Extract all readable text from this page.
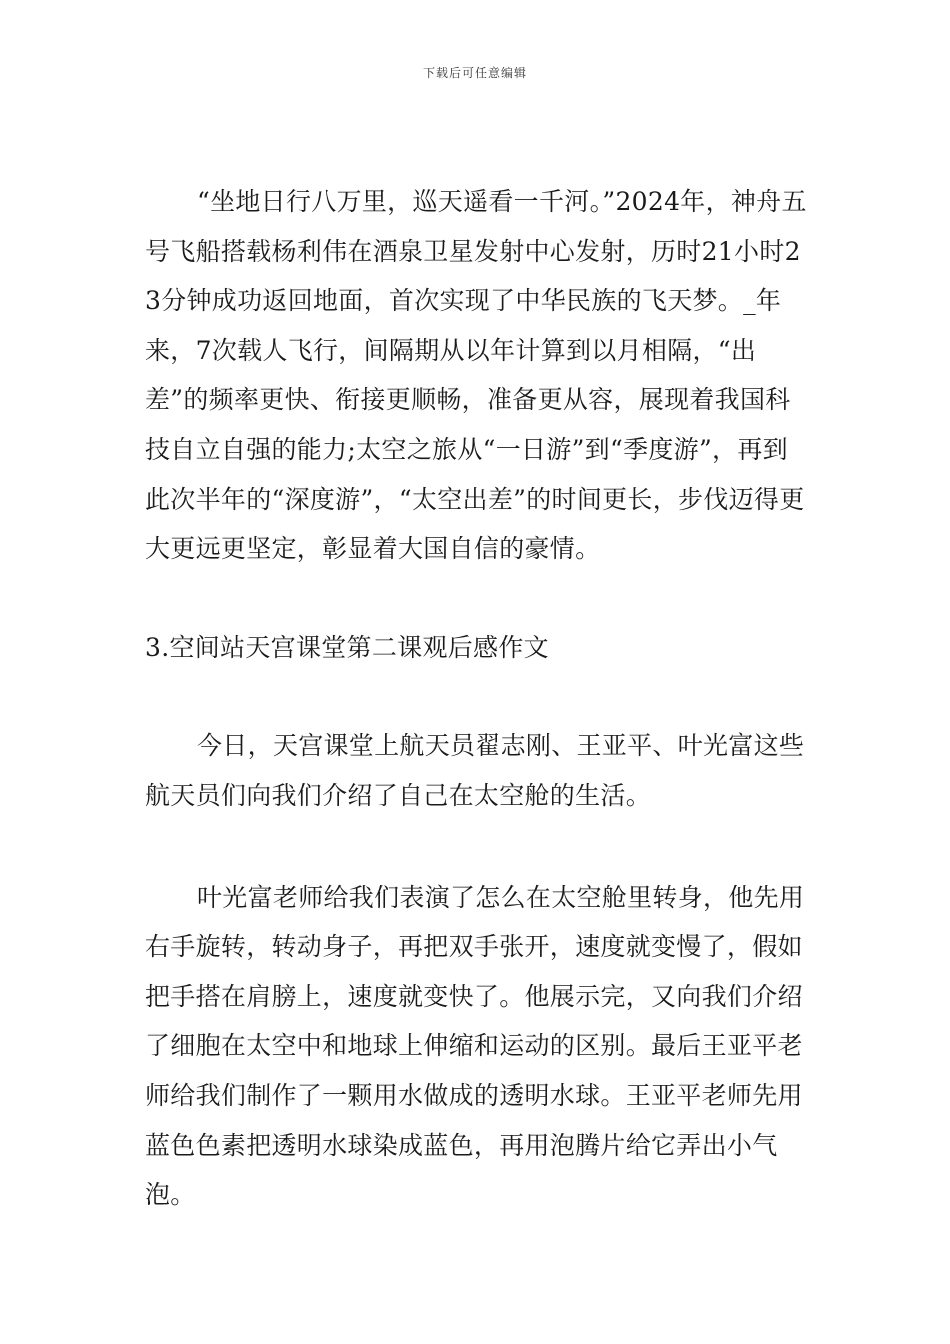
下载后可任意编辑

“坐地日行八万里，巡天遥看一千河。”2024年，神舟五号飞船搭载杨利伟在酒泉卫星发射中心发射，历时21小时23分钟成功返回地面，首次实现了中华民族的飞天梦。_年来，7次载人飞行，间隔期从以年计算到以月相隔，“出差”的频率更快、衔接更顺畅，准备更从容，展现着我国科技自立自强的能力;太空之旅从“一日游”到“季度游”，再到此次半年的“深度游”，“太空出差”的时间更长，步伐迈得更大更远更坚定，彰显着大国自信的豪情。

3.空间站天宫课堂第二课观后感作文

今日，天宫课堂上航天员翟志刚、王亚平、叶光富这些航天员们向我们介绍了自己在太空舱的生活。

叶光富老师给我们表演了怎么在太空舱里转身，他先用右手旋转，转动身子，再把双手张开，速度就变慢了，假如把手搭在肩膀上，速度就变快了。他展示完，又向我们介绍了细胞在太空中和地球上伸缩和运动的区别。最后王亚平老师给我们制作了一颗用水做成的透明水球。王亚平老师先用蓝色色素把透明水球染成蓝色，再用泡腾片给它弄出小气泡。
